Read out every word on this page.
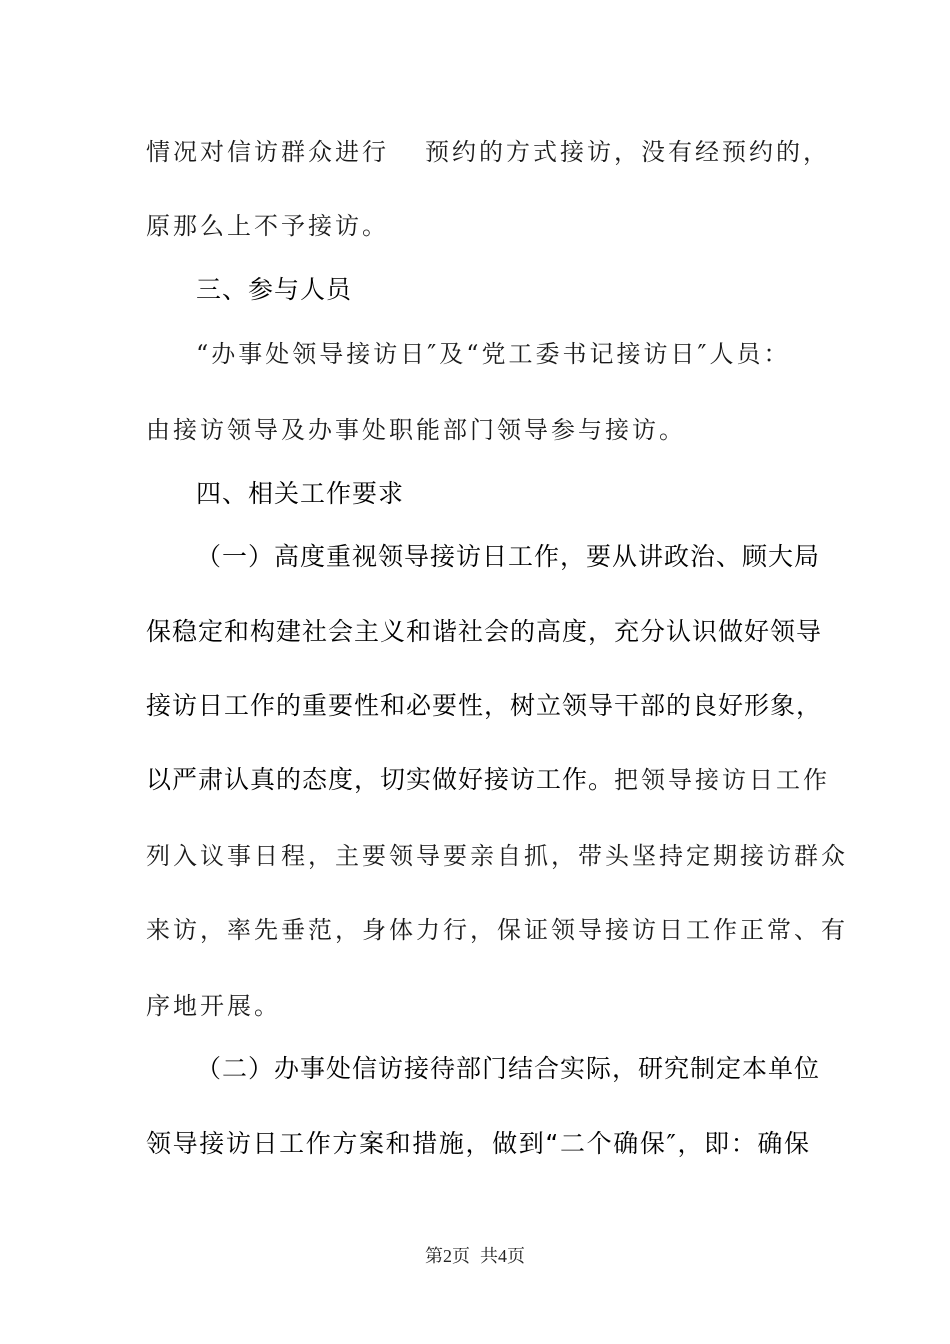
情况对信访群众进行 预约的方式接访，没有经预约的，
原那么上不予接访。
三、参与人员
“办事处领导接访日″及“党工委书记接访日″人员：
由接访领导及办事处职能部门领导参与接访。
四、相关工作要求
（一）高度重视领导接访日工作，要从讲政治、顾大局
保稳定和构建社会主义和谐社会的高度，充分认识做好领导
接访日工作的重要性和必要性，树立领导干部的良好形象，
以严肃认真的态度，切实做好接访工作。把领导接访日工作
列入议事日程，主要领导要亲自抓，带头坚持定期接访群众
来访，率先垂范，身体力行，保证领导接访日工作正常、有
序地开展。
（二）办事处信访接待部门结合实际，研究制定本单位
领导接访日工作方案和措施，做到“二个确保″，即：确保
第2页 共4页
